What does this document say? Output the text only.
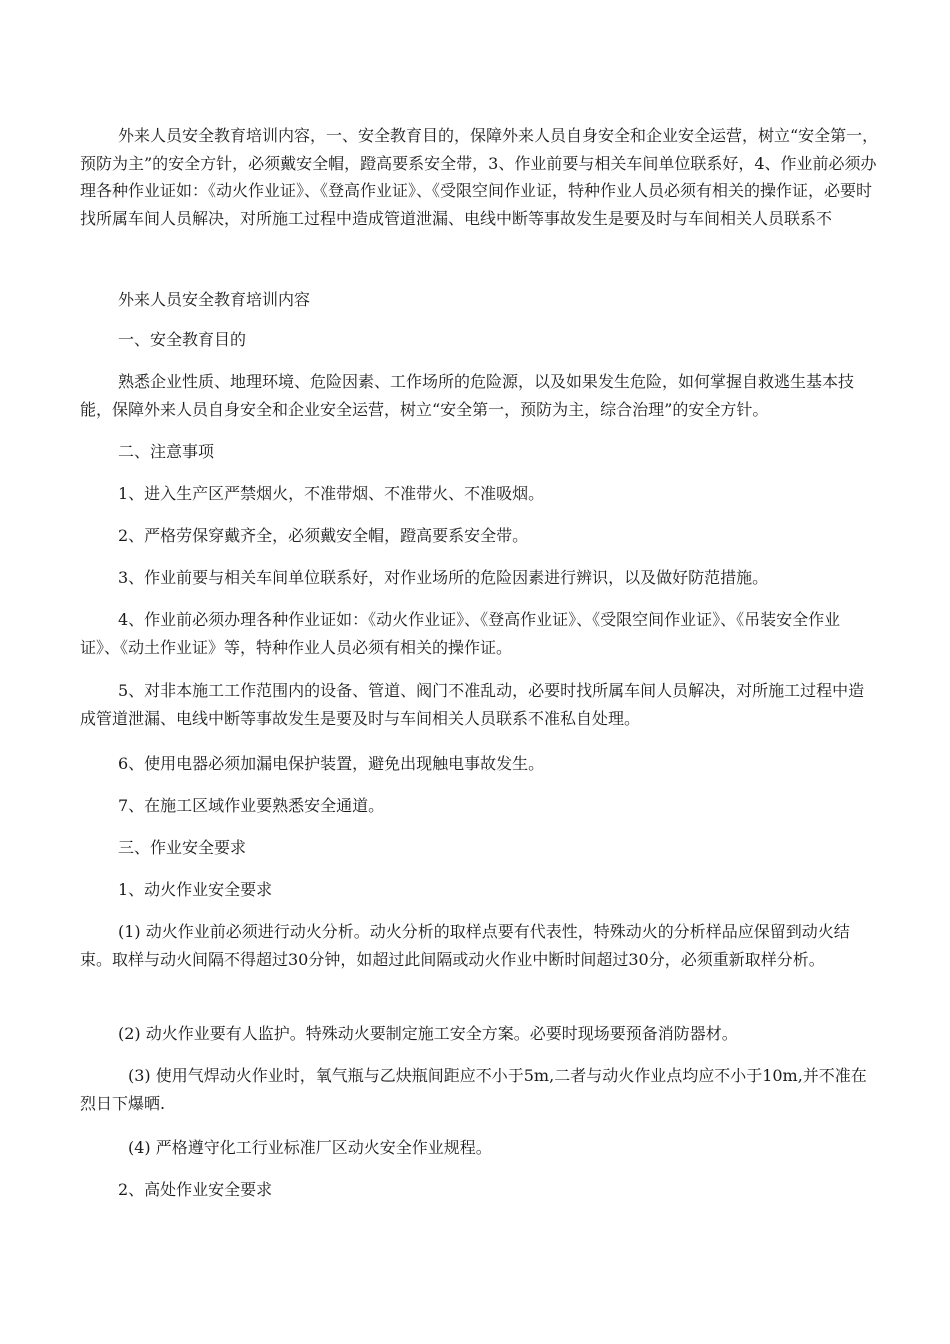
外来人员安全教育培训内容，一、安全教育目的，保障外来人员自身安全和企业安全运营，树立“安全第一，预防为主”的安全方针，必须戴安全帽，蹬高要系安全带，3、作业前要与相关车间单位联系好，4、作业前必须办理各种作业证如：《动火作业证》、《登高作业证》、《受限空间作业证，特种作业人员必须有相关的操作证，必要时找所属车间人员解决，对所施工过程中造成管道泄漏、电线中断等事故发生是要及时与车间相关人员联系不

外来人员安全教育培训内容

一、安全教育目的

熟悉企业性质、地理环境、危险因素、工作场所的危险源，以及如果发生危险，如何掌握自救逃生基本技能，保障外来人员自身安全和企业安全运营，树立“安全第一，预防为主，综合治理”的安全方针。

二、注意事项

1、进入生产区严禁烟火，不准带烟、不准带火、不准吸烟。

2、严格劳保穿戴齐全，必须戴安全帽，蹬高要系安全带。

3、作业前要与相关车间单位联系好，对作业场所的危险因素进行辨识，以及做好防范措施。

4、作业前必须办理各种作业证如：《动火作业证》、《登高作业证》、《受限空间作业证》、《吊装安全作业证》、《动土作业证》等，特种作业人员必须有相关的操作证。

5、对非本施工工作范围内的设备、管道、阀门不准乱动，必要时找所属车间人员解决，对所施工过程中造成管道泄漏、电线中断等事故发生是要及时与车间相关人员联系不准私自处理。

6、使用电器必须加漏电保护装置，避免出现触电事故发生。

7、在施工区域作业要熟悉安全通道。

三、作业安全要求

1、动火作业安全要求

(1) 动火作业前必须进行动火分析。动火分析的取样点要有代表性，特殊动火的分析样品应保留到动火结束。取样与动火间隔不得超过30分钟，如超过此间隔或动火作业中断时间超过30分，必须重新取样分析。

(2) 动火作业要有人监护。特殊动火要制定施工安全方案。必要时现场要预备消防器材。

(3) 使用气焊动火作业时，氧气瓶与乙炔瓶间距应不小于5m,二者与动火作业点均应不小于10m,并不准在烈日下爆晒.

(4) 严格遵守化工行业标准厂区动火安全作业规程。

2、高处作业安全要求
